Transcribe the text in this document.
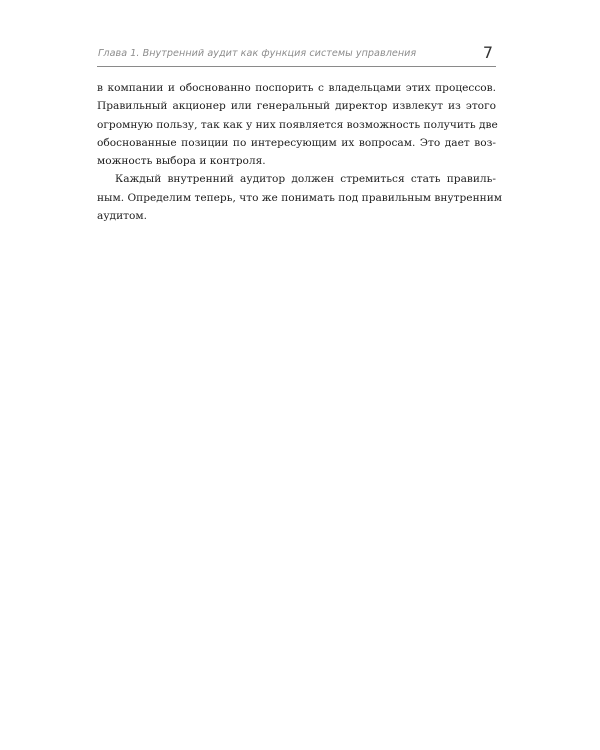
Глава 1. Внутренний аудит как функция системы управления	7

в компании и обоснованно поспорить с владельцами этих процессов.
Правильный акционер или генеральный директор извлекут из этого
огромную пользу, так как у них появляется возможность получить две
обоснованные позиции по интересующим их вопросам. Это дает воз-
можность выбора и контроля.

Каждый внутренний аудитор должен стремиться стать правиль-
ным. Определим теперь, что же понимать под правильным внутренним
аудитом.
